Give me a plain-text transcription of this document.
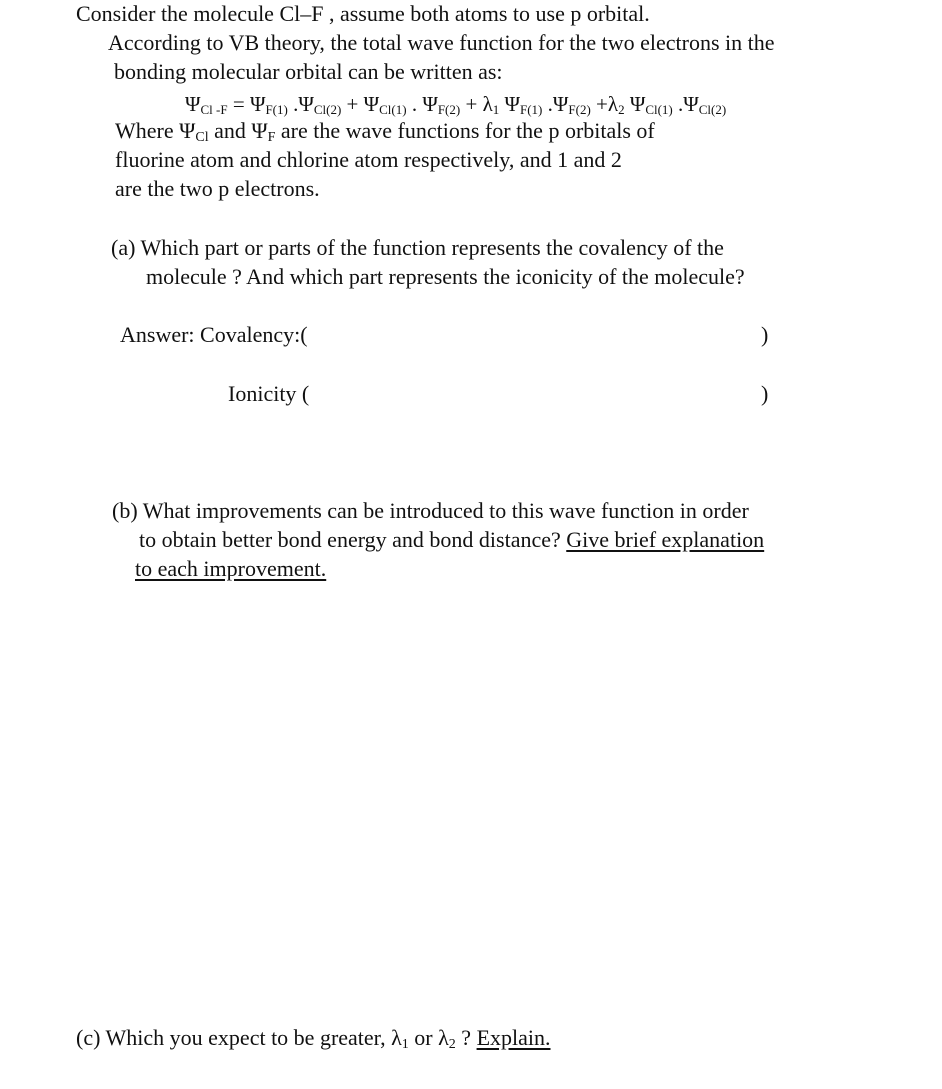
Consider the molecule Cl–F , assume both atoms to use p orbital.
According to VB theory, the total wave function for the two electrons in the
bonding molecular orbital can be written as:
$\Psi_{Cl -F} = \Psi_{F(1)}$ $.\Psi_{Cl(2)} + \Psi_{Cl(1)}$ . $\Psi_{F(2)} + \lambda_1$ $\Psi_{F(1)}$ $.\Psi_{F(2)} +\lambda_2$ $\Psi_{Cl(1)}$ $.\Psi_{Cl(2)}$
Where $\Psi_{Cl}$ and $\Psi_F$ are the wave functions for the p orbitals of
fluorine atom and chlorine atom respectively, and 1 and 2
are the two p electrons.
(a) Which part or parts of the function represents the covalency of the
molecule ? And which part represents the iconicity of the molecule?
Answer: Covalency:(	)
Ionicity (	)
(b) What improvements can be introduced to this wave function in order
to obtain better bond energy and bond distance? Give brief explanation
to each improvement.
(c) Which you expect to be greater, $\lambda_1$ or $\lambda_2$ ? Explain.
